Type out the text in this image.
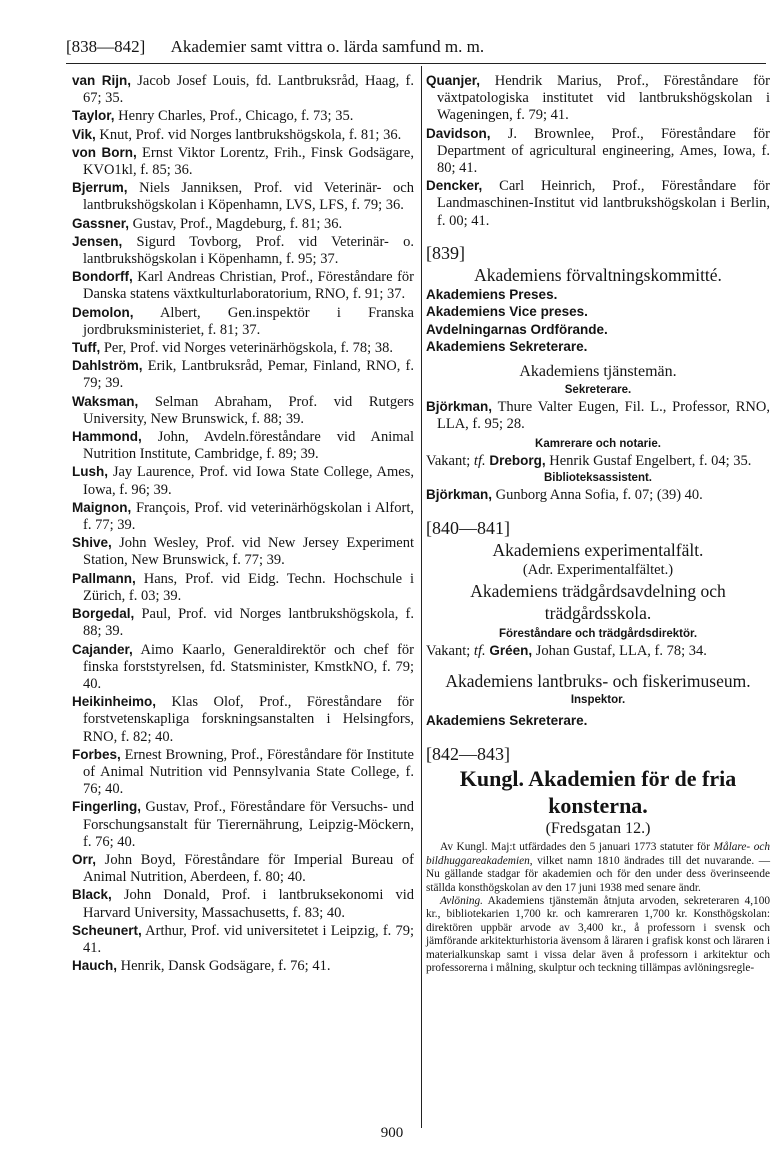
[838—842] Akademier samt vittra o. lärda samfund m. m.

van Rijn, Jacob Josef Louis, fd. Lantbruksråd, Haag, f. 67; 35.

Taylor, Henry Charles, Prof., Chicago, f. 73; 35.

Vik, Knut, Prof. vid Norges lantbrukshögskola, f. 81; 36.

von Born, Ernst Viktor Lorentz, Frih., Finsk Godsägare, KVO1kl, f. 85; 36.

Bjerrum, Niels Janniksen, Prof. vid Veterinär- och lantbrukshögskolan i Köpenhamn, LVS, LFS, f. 79; 36.

Gassner, Gustav, Prof., Magdeburg, f. 81; 36.

Jensen, Sigurd Tovborg, Prof. vid Veterinär- o. lantbrukshögskolan i Köpenhamn, f. 95; 37.

Bondorff, Karl Andreas Christian, Prof., Föreståndare för Danska statens växtkulturlaboratorium, RNO, f. 91; 37.

Demolon, Albert, Gen.inspektör i Franska jordbruksministeriet, f. 81; 37.

Tuff, Per, Prof. vid Norges veterinärhögskola, f. 78; 38.

Dahlström, Erik, Lantbruksråd, Pemar, Finland, RNO, f. 79; 39.

Waksman, Selman Abraham, Prof. vid Rutgers University, New Brunswick, f. 88; 39.

Hammond, John, Avdeln.föreståndare vid Animal Nutrition Institute, Cambridge, f. 89; 39.

Lush, Jay Laurence, Prof. vid Iowa State College, Ames, Iowa, f. 96; 39.

Maignon, François, Prof. vid veterinärhögskolan i Alfort, f. 77; 39.

Shive, John Wesley, Prof. vid New Jersey Experiment Station, New Brunswick, f. 77; 39.

Pallmann, Hans, Prof. vid Eidg. Techn. Hochschule i Zürich, f. 03; 39.

Borgedal, Paul, Prof. vid Norges lantbrukshögskola, f. 88; 39.

Cajander, Aimo Kaarlo, Generaldirektör och chef för finska forststyrelsen, fd. Statsminister, KmstkNO, f. 79; 40.

Heikinheimo, Klas Olof, Prof., Föreståndare för forstvetenskapliga forskningsanstalten i Helsingfors, RNO, f. 82; 40.

Forbes, Ernest Browning, Prof., Föreståndare för Institute of Animal Nutrition vid Pennsylvania State College, f. 76; 40.

Fingerling, Gustav, Prof., Föreståndare för Versuchs- und Forschungsanstalt für Tierernährung, Leipzig-Möckern, f. 76; 40.

Orr, John Boyd, Föreståndare för Imperial Bureau of Animal Nutrition, Aberdeen, f. 80; 40.

Black, John Donald, Prof. i lantbruksekonomi vid Harvard University, Massachusetts, f. 83; 40.

Scheunert, Arthur, Prof. vid universitetet i Leipzig, f. 79; 41.

Hauch, Henrik, Dansk Godsägare, f. 76; 41.

Quanjer, Hendrik Marius, Prof., Föreståndare för växtpatologiska institutet vid lantbrukshögskolan i Wageningen, f. 79; 41.

Davidson, J. Brownlee, Prof., Föreståndare för Department of agricultural engineering, Ames, Iowa, f. 80; 41.

Dencker, Carl Heinrich, Prof., Föreståndare för Landmaschinen-Institut vid lantbrukshögskolan i Berlin, f. 00; 41.

[839]
Akademiens förvaltningskommitté.

Akademiens Preses.

Akademiens Vice preses.

Avdelningarnas Ordförande.

Akademiens Sekreterare.

Akademiens tjänstemän.
Sekreterare.

Björkman, Thure Valter Eugen, Fil. L., Professor, RNO, LLA, f. 95; 28.

Kamrerare och notarie.

Vakant; tf. Dreborg, Henrik Gustaf Engelbert, f. 04; 35.

Biblioteksassistent.

Björkman, Gunborg Anna Sofia, f. 07; (39) 40.

[840—841]
Akademiens experimentalfält.
(Adr. Experimentalfältet.)
Akademiens trädgårdsavdelning och trädgårdsskola.
Föreståndare och trädgårdsdirektör.

Vakant; tf. Gréen, Johan Gustaf, LLA, f. 78; 34.

Akademiens lantbruks- och fiskerimuseum.
Inspektor.

Akademiens Sekreterare.

[842—843]
Kungl. Akademien för de fria konsterna.
(Fredsgatan 12.)

Av Kungl. Maj:t utfärdades den 5 januari 1773 statuter för Målare- och bildhuggareakademien, vilket namn 1810 ändrades till det nuvarande. — Nu gällande stadgar för akademien och för den under dess överinseende ställda konsthögskolan av den 17 juni 1938 med senare ändr.

Avlöning. Akademiens tjänstemän åtnjuta arvoden, sekreteraren 4,100 kr., bibliotekarien 1,700 kr. och kamreraren 1,700 kr. Konsthögskolan: direktören uppbär arvode av 3,400 kr., å professorn i svensk och jämförande arkitekturhistoria ävensom å läraren i grafisk konst och läraren i materialkunskap samt i vissa delar även å professorn i arkitektur och professorerna i målning, skulptur och teckning tillämpas avlöningsregle-

900
